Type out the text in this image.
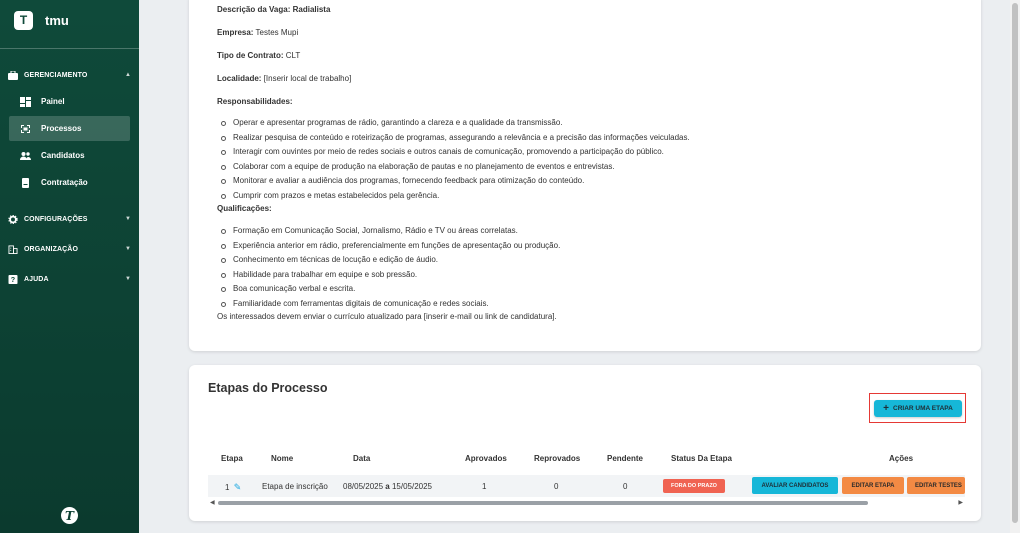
T	tmu
GERENCIAMENTO	▲
Painel
Processos
Candidatos
Contratação
CONFIGURAÇÕES	▼
ORGANIZAÇÃO	▼
? AJUDA	▼
T
Descrição da Vaga: Radialista
Empresa: Testes Mupi
Tipo de Contrato: CLT
Localidade: [Inserir local de trabalho]
Responsabilidades:
Operar e apresentar programas de rádio, garantindo a clareza e a qualidade da transmissão.
Realizar pesquisa de conteúdo e roteirização de programas, assegurando a relevância e a precisão das informações veiculadas.
Interagir com ouvintes por meio de redes sociais e outros canais de comunicação, promovendo a participação do público.
Colaborar com a equipe de produção na elaboração de pautas e no planejamento de eventos e entrevistas.
Monitorar e avaliar a audiência dos programas, fornecendo feedback para otimização do conteúdo.
Cumprir com prazos e metas estabelecidos pela gerência.
Qualificações:
Formação em Comunicação Social, Jornalismo, Rádio e TV ou áreas correlatas.
Experiência anterior em rádio, preferencialmente em funções de apresentação ou produção.
Conhecimento em técnicas de locução e edição de áudio.
Habilidade para trabalhar em equipe e sob pressão.
Boa comunicação verbal e escrita.
Familiaridade com ferramentas digitais de comunicação e redes sociais.
Os interessados devem enviar o currículo atualizado para [inserir e-mail ou link de candidatura].
Etapas do Processo
+ CRIAR UMA ETAPA
Etapa	Nome	Data	Aprovados	Reprovados	Pendente	Status Da Etapa	Ações
1 ✎	Etapa de inscrição 08/05/2025 a 15/05/2025	1	0	0	FORA DO PRAZO	AVALIAR CANDIDATOS	EDITAR ETAPA	EDITAR TESTES
◀	▶
